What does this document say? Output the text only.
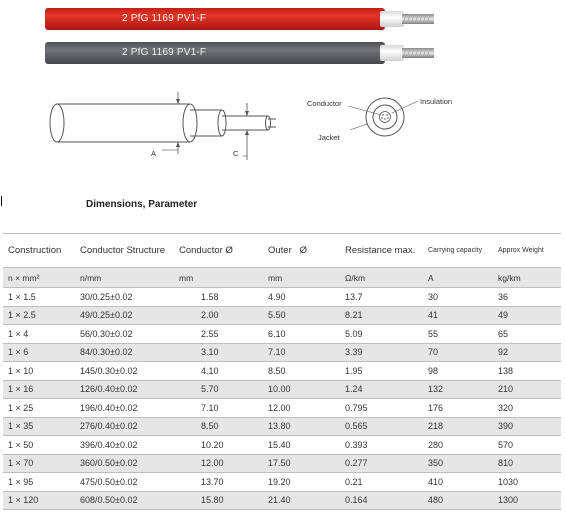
2 PfG 1169 PV1-F
2 PfG 1169 PV1-F
A	C
Conductor	Insulation
Jacket
Dimensions, Parameter
Construction	Conductor Structure	Conductor Ø	Outer   Ø	Resistance max.	Carrying capacity	Approx Weight
n × mm²	n/mm	mm	mm	Ω/km	A	kg/km
1 × 1.5	30/0.25±0.02	1.58	4.90	13.7	30	36
1 × 2.5	49/0.25±0.02	2.00	5.50	8.21	41	49
1 × 4	56/0.30±0.02	2.55	6.10	5.09	55	65
1 × 6	84/0.30±0.02	3.10	7.10	3.39	70	92
1 × 10	145/0.30±0.02	4.10	8.50	1.95	98	138
1 × 16	126/0.40±0.02	5.70	10.00	1.24	132	210
1 × 25	196/0.40±0.02	7.10	12.00	0.795	176	320
1 × 35	276/0.40±0.02	8.50	13.80	0.565	218	390
1 × 50	396/0.40±0.02	10.20	15.40	0.393	280	570
1 × 70	360/0.50±0.02	12.00	17.50	0.277	350	810
1 × 95	475/0.50±0.02	13.70	19.20	0.21	410	1030
1 × 120	608/0.50±0.02	15.80	21.40	0.164	480	1300
